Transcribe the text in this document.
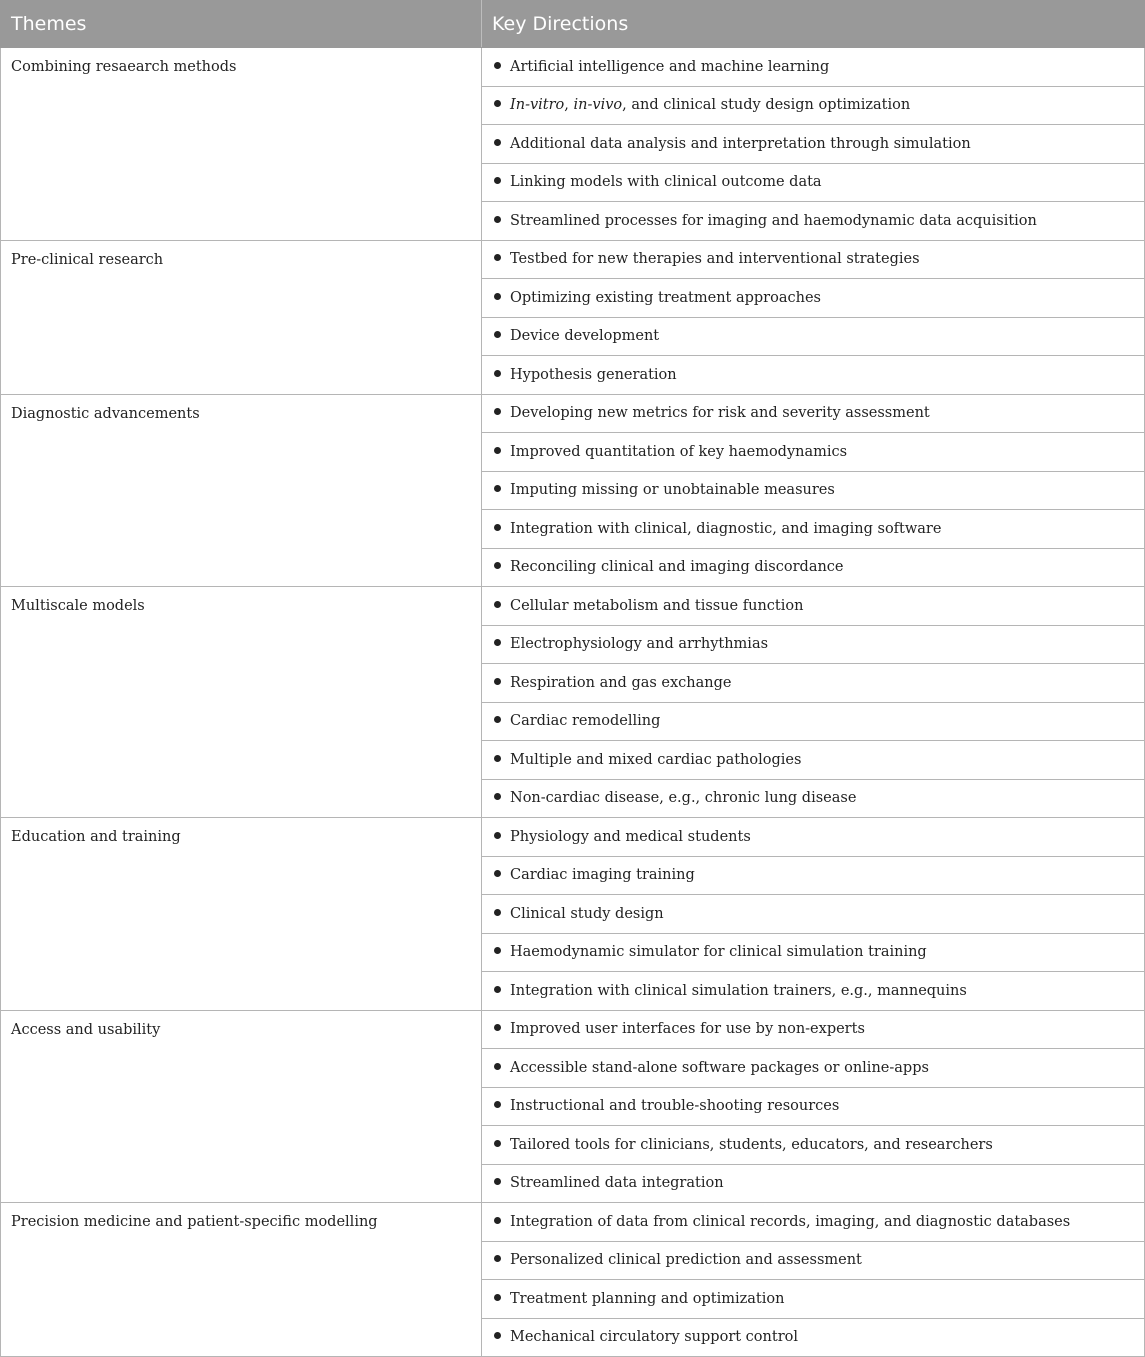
Themes	Key Directions
Combining resaearch methods	Artificial intelligence and machine learning
	In-vitro, in-vivo, and clinical study design optimization
	Additional data analysis and interpretation through simulation
	Linking models with clinical outcome data
	Streamlined processes for imaging and haemodynamic data acquisition
Pre-clinical research	Testbed for new therapies and interventional strategies
	Optimizing existing treatment approaches
	Device development
	Hypothesis generation
Diagnostic advancements	Developing new metrics for risk and severity assessment
	Improved quantitation of key haemodynamics
	Imputing missing or unobtainable measures
	Integration with clinical, diagnostic, and imaging software
	Reconciling clinical and imaging discordance
Multiscale models	Cellular metabolism and tissue function
	Electrophysiology and arrhythmias
	Respiration and gas exchange
	Cardiac remodelling
	Multiple and mixed cardiac pathologies
	Non-cardiac disease, e.g., chronic lung disease
Education and training	Physiology and medical students
	Cardiac imaging training
	Clinical study design
	Haemodynamic simulator for clinical simulation training
	Integration with clinical simulation trainers, e.g., mannequins
Access and usability	Improved user interfaces for use by non-experts
	Accessible stand-alone software packages or online-apps
	Instructional and trouble-shooting resources
	Tailored tools for clinicians, students, educators, and researchers
	Streamlined data integration
Precision medicine and patient-specific modelling	Integration of data from clinical records, imaging, and diagnostic databases
	Personalized clinical prediction and assessment
	Treatment planning and optimization
	Mechanical circulatory support control
